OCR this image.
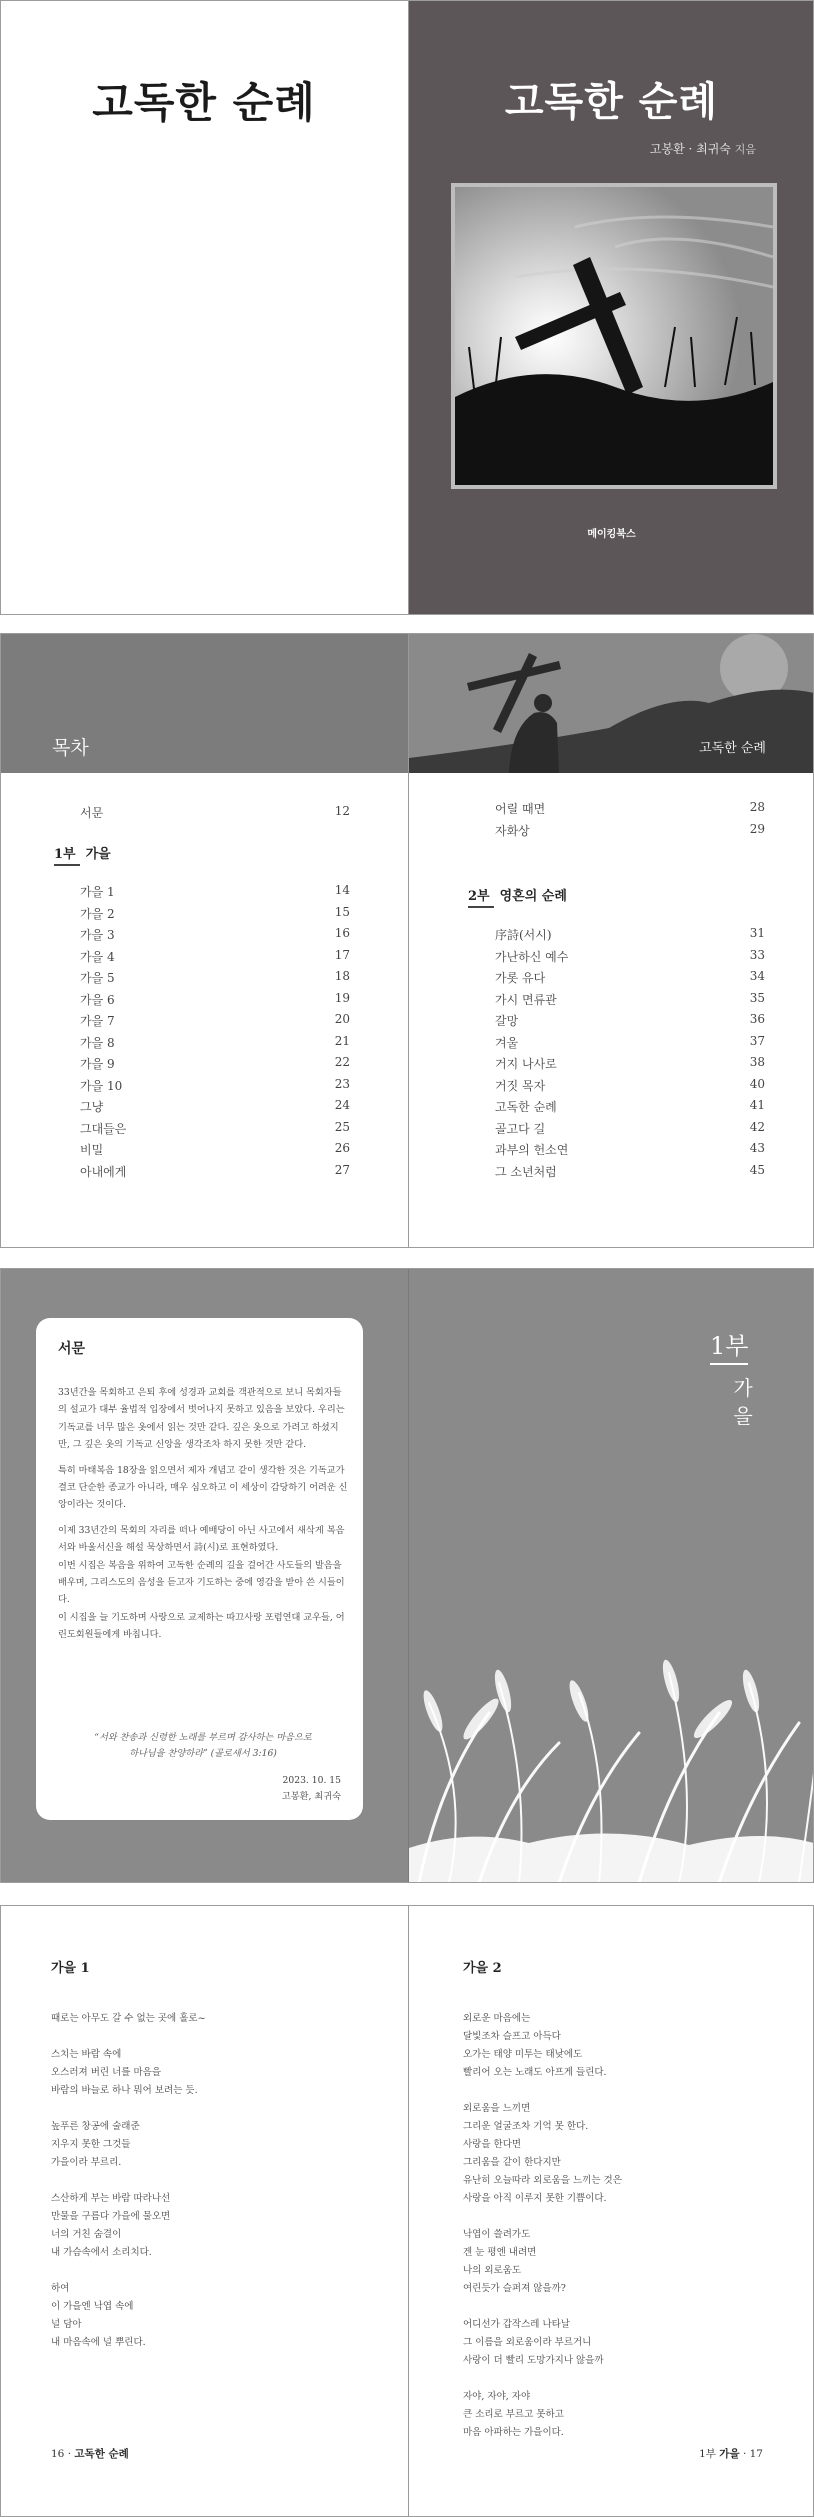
고독한 순례	고독한 순례
고봉환 · 최귀숙 지음
메이킹북스
목차	고독한 순례
서문	12
1부 가을
가을 1	14
가을 2	15
가을 3	16
가을 4	17
가을 5	18
가을 6	19
가을 7	20
가을 8	21
가을 9	22
가을 10	23
그냥	24
그대들은	25
비밀	26
아내에게	27
어릴 때면	28
자화상	29
2부 영혼의 순례
序詩(서시)	31
가난하신 예수	33
가롯 유다	34
가시 면류관	35
갈망	36
겨울	37
거지 나사로	38
거짓 목자	40
고독한 순례	41
골고다 길	42
과부의 헌소연	43
그 소년처럼	45
서문

33년간을 목회하고 은퇴 후에 성경과 교회를 객관적으로 보니 목회자들의 설교가 대부 율법적 입장에서 벗어나지 못하고 있음을 보았다. 우리는 기독교를 너무 많은 옷에서 읽는 것만 같다. 깊은 옷으로 가려고 하셨지만, 그 깊은 옷의 기독교 신앙을 생각조차 하지 못한 것만 같다.

특히 마태복음 18장을 읽으면서 제자 개념고 같이 생각한 것은 기독교가 결코 단순한 종교가 아니라, 매우 심오하고 이 세상이 감당하기 어려운 신앙이라는 것이다.

이제 33년간의 목회의 자리를 떠나 예배당이 아닌 사고에서 새삭게 복음서와 바울서신을 해설 묵상하면서 詩(시)로 표현하였다.

이번 시집은 복음을 위하여 고독한 순례의 길을 걸어간 사도들의 발음을 배우며, 그리스도의 음성을 듣고자 기도하는 중에 영감을 받아 쓴 시들이다.

이 시집을 늘 기도하며 사랑으로 교제하는 따끄사랑 포럼연대 교우들, 어린도회원들에게 바칩니다.

“서와 찬송과 신령한 노래를 부르며 감사하는 마음으로
하나님을 찬양하라” (골로새서 3:16)
2023. 10. 15
고봉환, 최귀숙
1부
가
을
가을 1

때로는 아무도 갈 수 없는 곳에 홀로~

스치는 바람 속에
오스러져 버린 너를 마음을
바람의 바늘로 하나 뭐어 보려는 듯.

높푸른 창공에 술래준
지우지 못한 그것들
가을이라 부르리.

스산하게 부는 바람 따라나선
만물을 구름다 가을에 물오면
너의 거친 숨결이
내 가슴속에서 소리치다.

하여
이 가을엔 낙엽 속에
널 담아
내 마음속에 널 뿌린다.

16 · 고독한 순례
가을 2

외로운 마음에는
달빛조차 슬프고 아득다
오가는 태양 미투는 태낮에도
빨리어 오는 노래도 아프게 들린다.

외로움을 느끼면
그리운 얼굴조차 기억 못 한다.
사랑을 한다면
그리움을 같이 한다지만
유난히 오늘따라 외로움을 느끼는 것은
사랑을 아직 이루지 못한 기쁨이다.

낙엽이 쓸려가도
겐 눈 평엔 내려면
나의 외로움도
여린듯가 슬퍼져 않을까?

어디선가 갑작스레 나타날
그 이름을 외로움이라 부르거니
사랑이 더 빨리 도망가지나 않을까

자야, 자야, 자야
큰 소리로 부르고 못하고
마음 아파하는 가을이다.

1부 가을 · 17
